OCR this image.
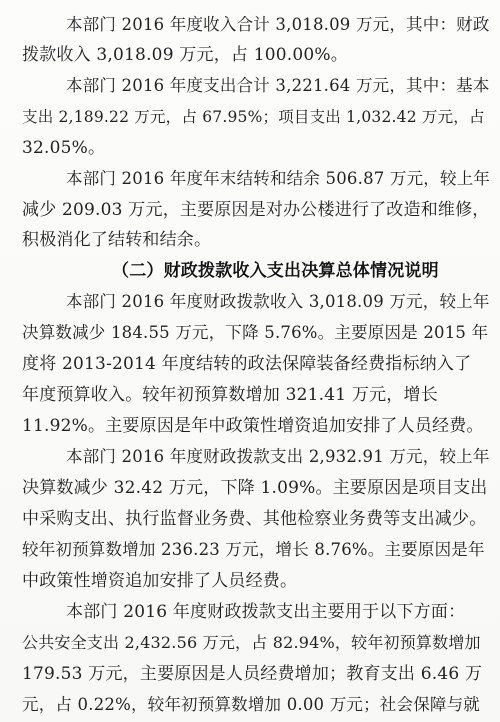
本部门 2016 年度收入合计 3,018.09 万元，其中：财政
拨款收入 3,018.09 万元，占 100.00%。
本部门 2016 年度支出合计 3,221.64 万元，其中：基本
支出 2,189.22 万元，占 67.95%；项目支出 1,032.42 万元，占
32.05%。
本部门 2016 年度年末结转和结余 506.87 万元，较上年
减少 209.03 万元，主要原因是对办公楼进行了改造和维修，
积极消化了结转和结余。
（二）财政拨款收入支出决算总体情况说明
本部门 2016 年度财政拨款收入 3,018.09 万元，较上年
决算数减少 184.55 万元，下降 5.76%。主要原因是 2015 年
度将 2013-2014 年度结转的政法保障装备经费指标纳入了
年度预算收入。较年初预算数增加 321.41 万元，增长
11.92%。主要原因是年中政策性增资追加安排了人员经费。
本部门 2016 年度财政拨款支出 2,932.91 万元，较上年
决算数减少 32.42 万元，下降 1.09%。主要原因是项目支出
中采购支出、执行监督业务费、其他检察业务费等支出减少。
较年初预算数增加 236.23 万元，增长 8.76%。主要原因是年
中政策性增资追加安排了人员经费。
本部门 2016 年度财政拨款支出主要用于以下方面：
公共安全支出 2,432.56 万元，占 82.94%，较年初预算数增加
179.53 万元，主要原因是人员经费增加；教育支出 6.46 万
元，占 0.22%，较年初预算数增加 0.00 万元；社会保障与就
